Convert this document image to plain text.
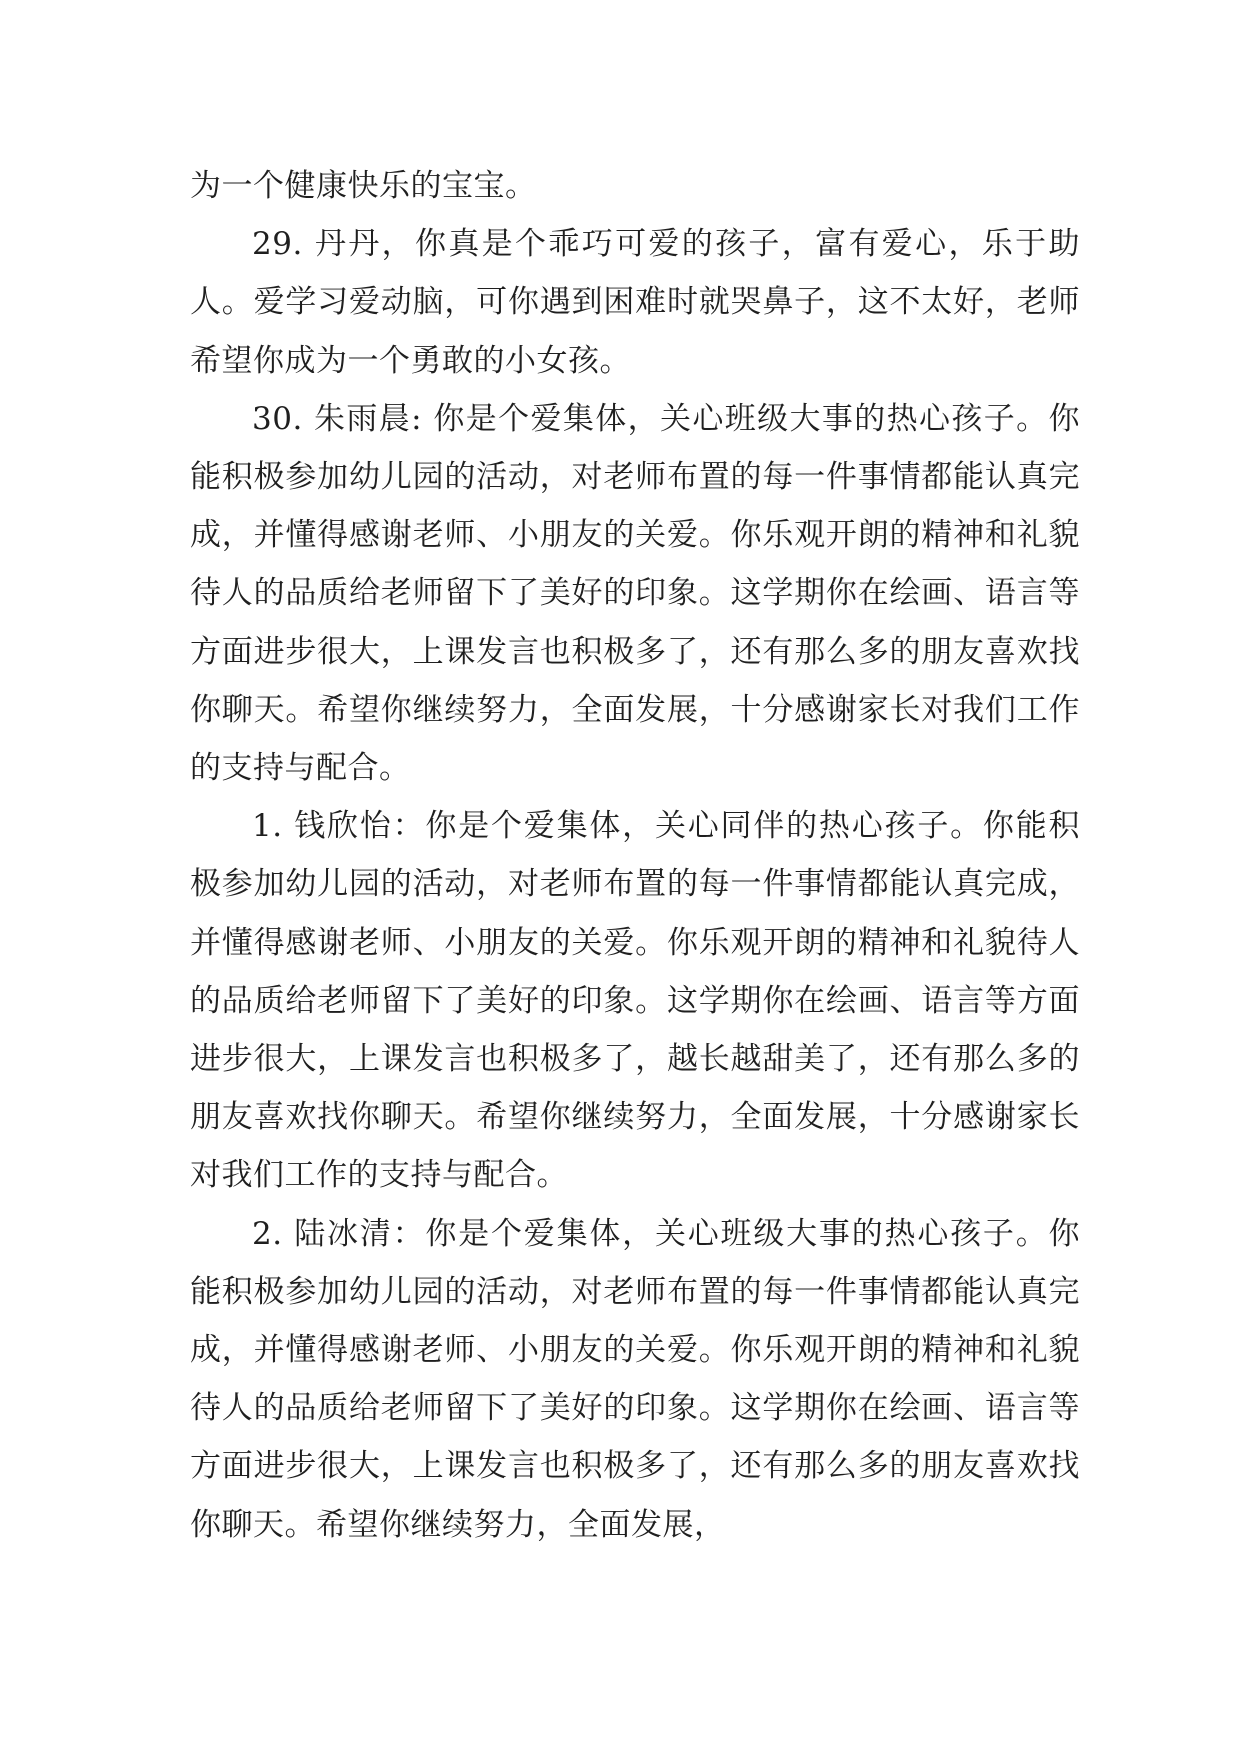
为一个健康快乐的宝宝。

29. 丹丹，你真是个乖巧可爱的孩子，富有爱心，乐于助人。爱学习爱动脑，可你遇到困难时就哭鼻子，这不太好，老师希望你成为一个勇敢的小女孩。

30. 朱雨晨: 你是个爱集体，关心班级大事的热心孩子。你能积极参加幼儿园的活动，对老师布置的每一件事情都能认真完成，并懂得感谢老师、小朋友的关爱。你乐观开朗的精神和礼貌待人的品质给老师留下了美好的印象。这学期你在绘画、语言等方面进步很大，上课发言也积极多了，还有那么多的朋友喜欢找你聊天。希望你继续努力，全面发展，十分感谢家长对我们工作的支持与配合。

1. 钱欣怡：你是个爱集体，关心同伴的热心孩子。你能积极参加幼儿园的活动，对老师布置的每一件事情都能认真完成，并懂得感谢老师、小朋友的关爱。你乐观开朗的精神和礼貌待人的品质给老师留下了美好的印象。这学期你在绘画、语言等方面进步很大，上课发言也积极多了，越长越甜美了，还有那么多的朋友喜欢找你聊天。希望你继续努力，全面发展，十分感谢家长对我们工作的支持与配合。

2. 陆冰清：你是个爱集体，关心班级大事的热心孩子。你能积极参加幼儿园的活动，对老师布置的每一件事情都能认真完成，并懂得感谢老师、小朋友的关爱。你乐观开朗的精神和礼貌待人的品质给老师留下了美好的印象。这学期你在绘画、语言等方面进步很大，上课发言也积极多了，还有那么多的朋友喜欢找你聊天。希望你继续努力，全面发展，
